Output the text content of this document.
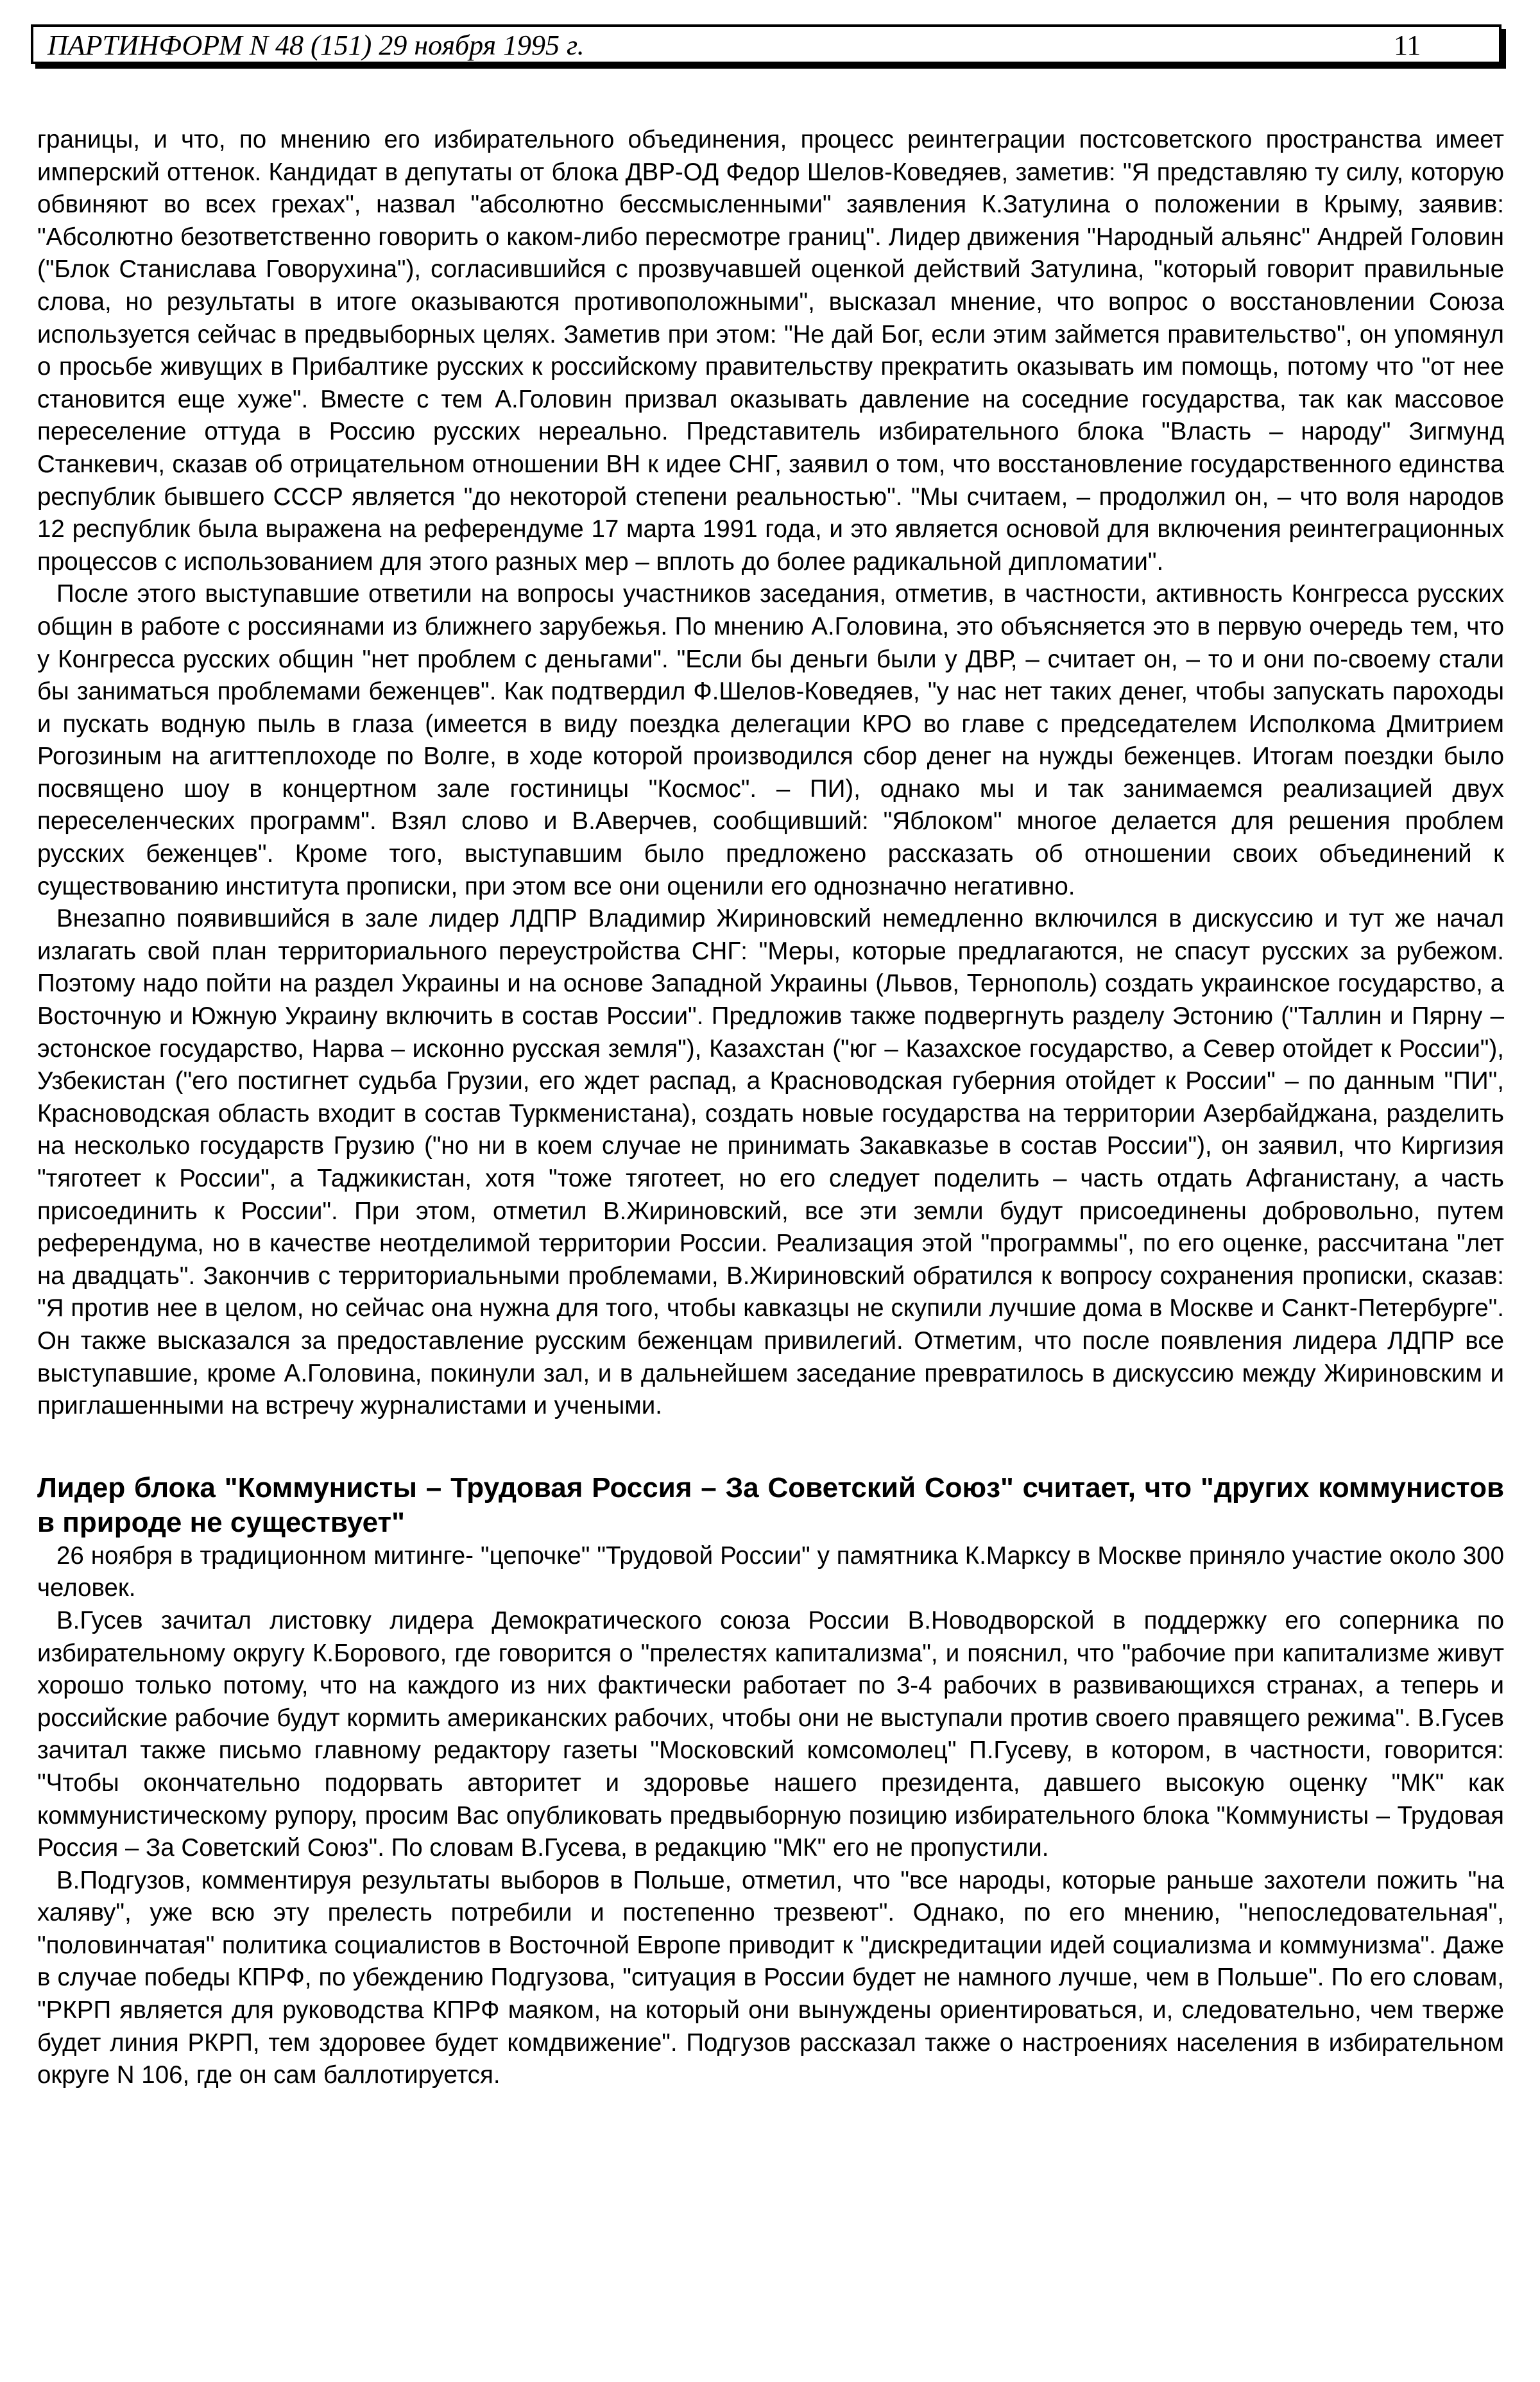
ПАРТИНФОРМ N 48 (151) 29 ноября 1995 г.	11

границы, и что, по мнению его избирательного объединения, процесс реинтеграции постсоветского пространства имеет имперский оттенок. Кандидат в депутаты от блока ДВР-ОД Федор Шелов-Коведяев, заметив: "Я представляю ту силу, которую обвиняют во всех грехах", назвал "абсолютно бессмысленными" заявления К.Затулина о положении в Крыму, заявив: "Абсолютно безответственно говорить о каком-либо пересмотре границ". Лидер движения "Народный альянс" Андрей Головин ("Блок Станислава Говорухина"), согласившийся с прозвучавшей оценкой действий Затулина, "который говорит правильные слова, но результаты в итоге оказываются противоположными", высказал мнение, что вопрос о восстановлении Союза используется сейчас в предвыборных целях. Заметив при этом: "Не дай Бог, если этим займется правительство", он упомянул о просьбе живущих в Прибалтике русских к российскому правительству прекратить оказывать им помощь, потому что "от нее становится еще хуже". Вместе с тем А.Головин призвал оказывать давление на соседние государства, так как массовое переселение оттуда в Россию русских нереально. Представитель избирательного блока "Власть – народу" Зигмунд Станкевич, сказав об отрицательном отношении ВН к идее СНГ, заявил о том, что восстановление государственного единства республик бывшего СССР является "до некоторой степени реальностью". "Мы считаем, – продолжил он, – что воля народов 12 республик была выражена на референдуме 17 марта 1991 года, и это является основой для включения реинтеграционных процессов с использованием для этого разных мер – вплоть до более радикальной дипломатии".

После этого выступавшие ответили на вопросы участников заседания, отметив, в частности, активность Конгресса русских общин в работе с россиянами из ближнего зарубежья. По мнению А.Головина, это объясняется это в первую очередь тем, что у Конгресса русских общин "нет проблем с деньгами". "Если бы деньги были у ДВР, – считает он, – то и они по-своему стали бы заниматься проблемами беженцев". Как подтвердил Ф.Шелов-Коведяев, "у нас нет таких денег, чтобы запускать пароходы и пускать водную пыль в глаза (имеется в виду поездка делегации КРО во главе с председателем Исполкома Дмитрием Рогозиным на агиттеплоходе по Волге, в ходе которой производился сбор денег на нужды беженцев. Итогам поездки было посвящено шоу в концертном зале гостиницы "Космос". – ПИ), однако мы и так занимаемся реализацией двух переселенческих программ". Взял слово и В.Аверчев, сообщивший: "Яблоком" многое делается для решения проблем русских беженцев". Кроме того, выступавшим было предложено рассказать об отношении своих объединений к существованию института прописки, при этом все они оценили его однозначно негативно.

Внезапно появившийся в зале лидер ЛДПР Владимир Жириновский немедленно включился в дискуссию и тут же начал излагать свой план территориального переустройства СНГ: "Меры, которые предлагаются, не спасут русских за рубежом. Поэтому надо пойти на раздел Украины и на основе Западной Украины (Львов, Тернополь) создать украинское государство, а Восточную и Южную Украину включить в состав России". Предложив также подвергнуть разделу Эстонию ("Таллин и Пярну – эстонское государство, Нарва – исконно русская земля"), Казахстан ("юг – Казахское государство, а Север отойдет к России"), Узбекистан ("его постигнет судьба Грузии, его ждет распад, а Красноводская губерния отойдет к России" – по данным "ПИ", Красноводская область входит в состав Туркменистана), создать новые государства на территории Азербайджана, разделить на несколько государств Грузию ("но ни в коем случае не принимать Закавказье в состав России"), он заявил, что Киргизия "тяготеет к России", а Таджикистан, хотя "тоже тяготеет, но его следует поделить – часть отдать Афганистану, а часть присоединить к России". При этом, отметил В.Жириновский, все эти земли будут присоединены добровольно, путем референдума, но в качестве неотделимой территории России. Реализация этой "программы", по его оценке, рассчитана "лет на двадцать". Закончив с территориальными проблемами, В.Жириновский обратился к вопросу сохранения прописки, сказав: "Я против нее в целом, но сейчас она нужна для того, чтобы кавказцы не скупили лучшие дома в Москве и Санкт-Петербурге". Он также высказался за предоставление русским беженцам привилегий. Отметим, что после появления лидера ЛДПР все выступавшие, кроме А.Головина, покинули зал, и в дальнейшем заседание превратилось в дискуссию между Жириновским и приглашенными на встречу журналистами и учеными.

Лидер блока "Коммунисты – Трудовая Россия – За Советский Союз" считает, что "других коммунистов в природе не существует"

26 ноября в традиционном митинге- "цепочке" "Трудовой России" у памятника К.Марксу в Москве приняло участие около 300 человек.

В.Гусев зачитал листовку лидера Демократического союза России В.Новодворской в поддержку его соперника по избирательному округу К.Борового, где говорится о "прелестях капитализма", и пояснил, что "рабочие при капитализме живут хорошо только потому, что на каждого из них фактически работает по 3-4 рабочих в развивающихся странах, а теперь и российские рабочие будут кормить американских рабочих, чтобы они не выступали против своего правящего режима". В.Гусев зачитал также письмо главному редактору газеты "Московский комсомолец" П.Гусеву, в котором, в частности, говорится: "Чтобы окончательно подорвать авторитет и здоровье нашего президента, давшего высокую оценку "МК" как коммунистическому рупору, просим Вас опубликовать предвыборную позицию избирательного блока "Коммунисты – Трудовая Россия – За Советский Союз". По словам В.Гусева, в редакцию "МК" его не пропустили.

В.Подгузов, комментируя результаты выборов в Польше, отметил, что "все народы, которые раньше захотели пожить "на халяву", уже всю эту прелесть потребили и постепенно трезвеют". Однако, по его мнению, "непоследовательная", "половинчатая" политика социалистов в Восточной Европе приводит к "дискредитации идей социализма и коммунизма". Даже в случае победы КПРФ, по убеждению Подгузова, "ситуация в России будет не намного лучше, чем в Польше". По его словам, "РКРП является для руководства КПРФ маяком, на который они вынуждены ориентироваться, и, следовательно, чем тверже будет линия РКРП, тем здоровее будет комдвижение". Подгузов рассказал также о настроениях населения в избирательном округе N 106, где он сам баллотируется.
